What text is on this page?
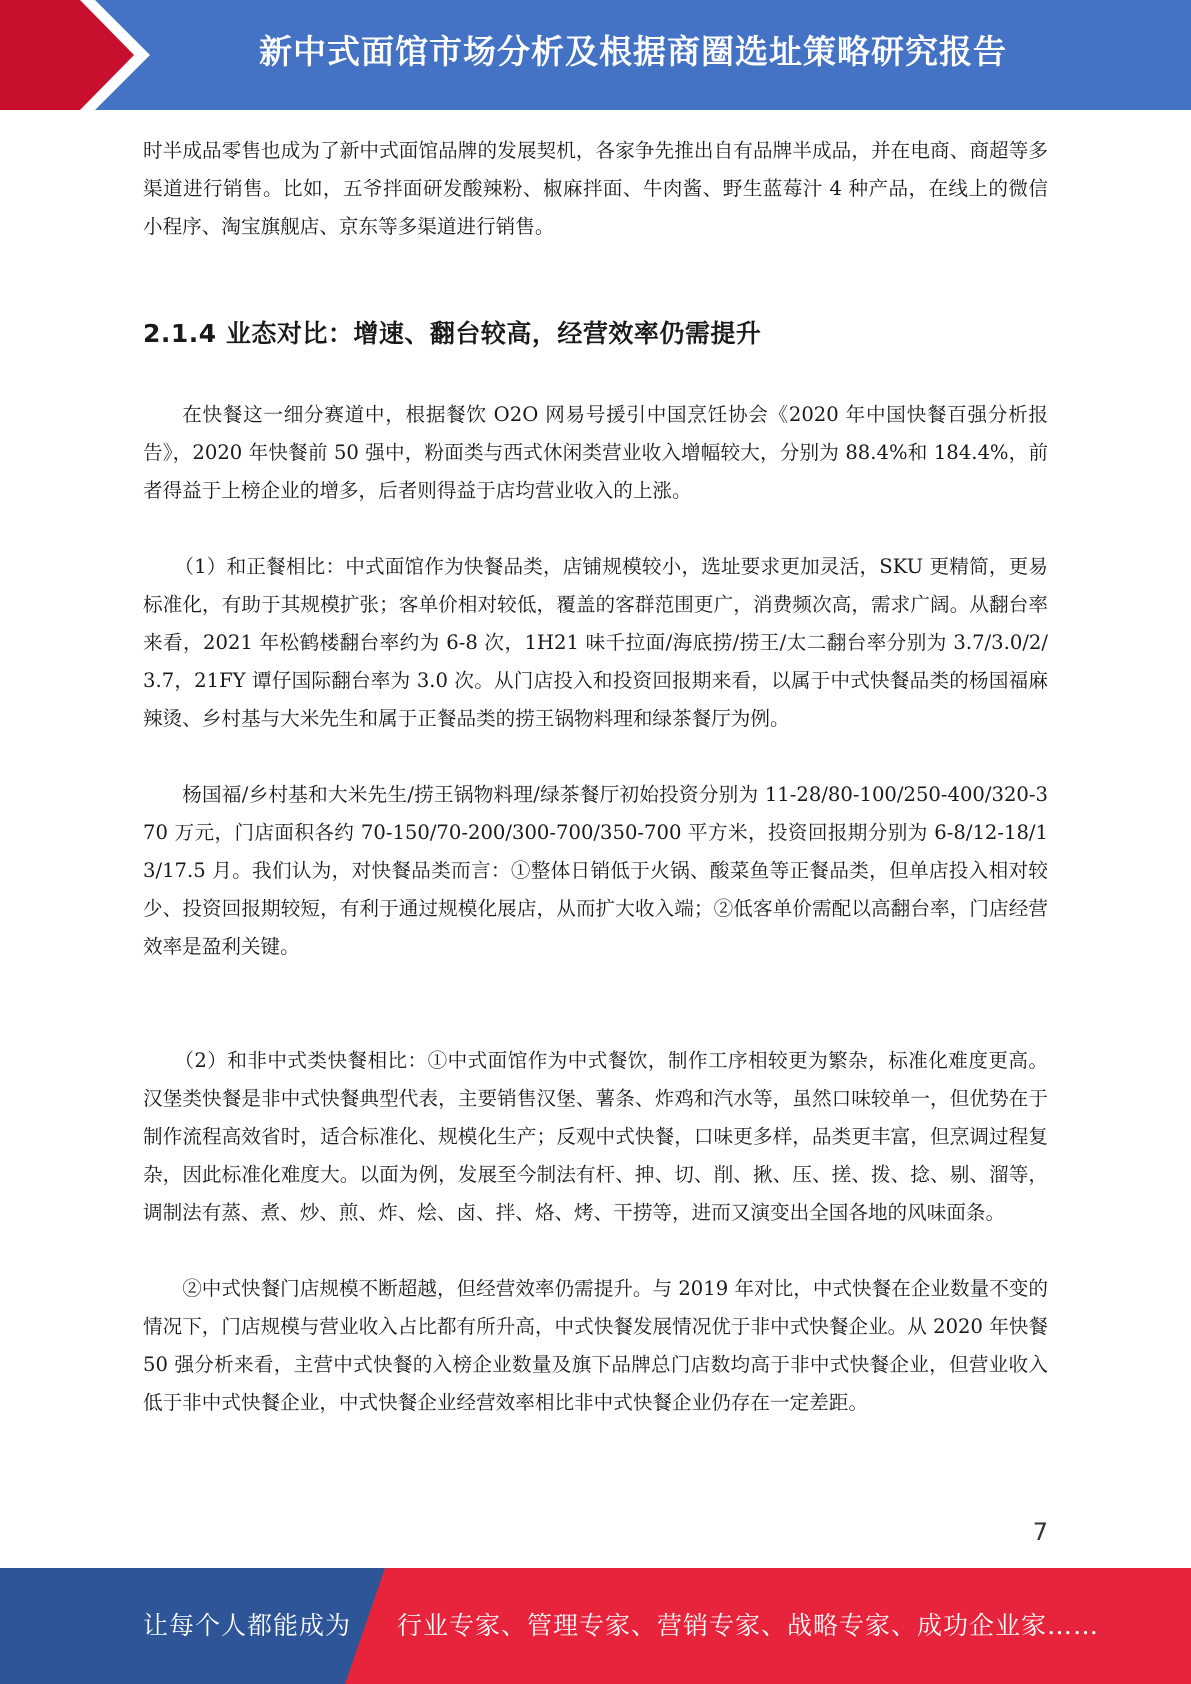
新中式面馆市场分析及根据商圈选址策略研究报告

时半成品零售也成为了新中式面馆品牌的发展契机，各家争先推出自有品牌半成品，并在电商、商超等多渠道进行销售。比如，五爷拌面研发酸辣粉、椒麻拌面、牛肉酱、野生蓝莓汁 4 种产品，在线上的微信小程序、淘宝旗舰店、京东等多渠道进行销售。

2.1.4 业态对比：增速、翻台较高，经营效率仍需提升

在快餐这一细分赛道中，根据餐饮 O2O 网易号援引中国烹饪协会《2020 年中国快餐百强分析报告》，2020 年快餐前 50 强中，粉面类与西式休闲类营业收入增幅较大，分别为 88.4%和 184.4%，前者得益于上榜企业的增多，后者则得益于店均营业收入的上涨。

（1）和正餐相比：中式面馆作为快餐品类，店铺规模较小，选址要求更加灵活，SKU 更精简，更易标准化，有助于其规模扩张；客单价相对较低，覆盖的客群范围更广，消费频次高，需求广阔。从翻台率来看，2021 年松鹤楼翻台率约为 6-8 次，1H21 味千拉面/海底捞/捞王/太二翻台率分别为 3.7/3.0/2/3.7，21FY 谭仔国际翻台率为 3.0 次。从门店投入和投资回报期来看，以属于中式快餐品类的杨国福麻辣烫、乡村基与大米先生和属于正餐品类的捞王锅物料理和绿茶餐厅为例。

杨国福/乡村基和大米先生/捞王锅物料理/绿茶餐厅初始投资分别为 11-28/80-100/250-400/320-370 万元，门店面积各约 70-150/70-200/300-700/350-700 平方米，投资回报期分别为 6-8/12-18/13/17.5 月。我们认为，对快餐品类而言：①整体日销低于火锅、酸菜鱼等正餐品类，但单店投入相对较少、投资回报期较短，有利于通过规模化展店，从而扩大收入端；②低客单价需配以高翻台率，门店经营效率是盈利关键。

（2）和非中式类快餐相比：①中式面馆作为中式餐饮，制作工序相较更为繁杂，标准化难度更高。汉堡类快餐是非中式快餐典型代表，主要销售汉堡、薯条、炸鸡和汽水等，虽然口味较单一，但优势在于制作流程高效省时，适合标准化、规模化生产；反观中式快餐，口味更多样，品类更丰富，但烹调过程复杂，因此标准化难度大。以面为例，发展至今制法有杆、抻、切、削、揪、压、搓、拨、捻、剔、溜等，调制法有蒸、煮、炒、煎、炸、烩、卤、拌、烙、烤、干捞等，进而又演变出全国各地的风味面条。

②中式快餐门店规模不断超越，但经营效率仍需提升。与 2019 年对比，中式快餐在企业数量不变的情况下，门店规模与营业收入占比都有所升高，中式快餐发展情况优于非中式快餐企业。从 2020 年快餐 50 强分析来看，主营中式快餐的入榜企业数量及旗下品牌总门店数均高于非中式快餐企业，但营业收入低于非中式快餐企业，中式快餐企业经营效率相比非中式快餐企业仍存在一定差距。

7
让每个人都能成为 行业专家、管理专家、营销专家、战略专家、成功企业家……
